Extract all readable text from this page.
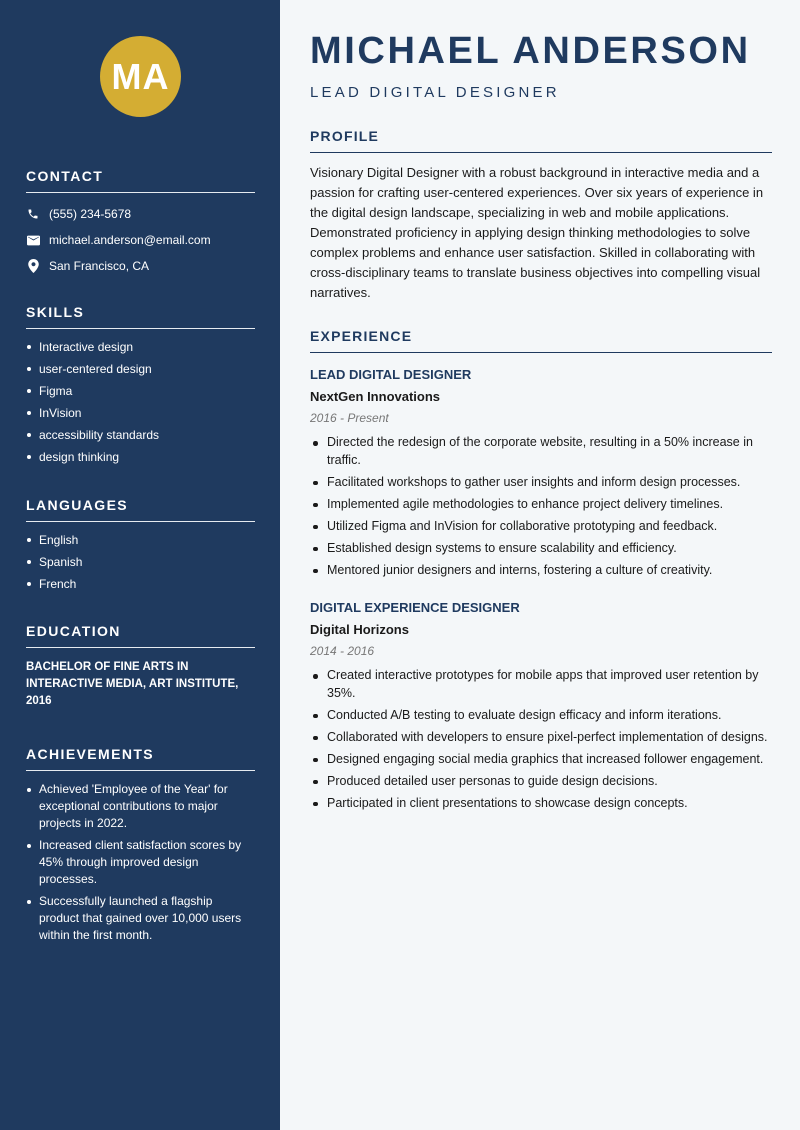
MA
CONTACT
(555) 234-5678
michael.anderson@email.com
San Francisco, CA
SKILLS
Interactive design
user-centered design
Figma
InVision
accessibility standards
design thinking
LANGUAGES
English
Spanish
French
EDUCATION
BACHELOR OF FINE ARTS IN INTERACTIVE MEDIA, ART INSTITUTE, 2016
ACHIEVEMENTS
Achieved 'Employee of the Year' for exceptional contributions to major projects in 2022.
Increased client satisfaction scores by 45% through improved design processes.
Successfully launched a flagship product that gained over 10,000 users within the first month.
MICHAEL ANDERSON
LEAD DIGITAL DESIGNER
PROFILE
Visionary Digital Designer with a robust background in interactive media and a passion for crafting user-centered experiences. Over six years of experience in the digital design landscape, specializing in web and mobile applications. Demonstrated proficiency in applying design thinking methodologies to solve complex problems and enhance user satisfaction. Skilled in collaborating with cross-disciplinary teams to translate business objectives into compelling visual narratives.
EXPERIENCE
LEAD DIGITAL DESIGNER
NextGen Innovations
2016 - Present
Directed the redesign of the corporate website, resulting in a 50% increase in traffic.
Facilitated workshops to gather user insights and inform design processes.
Implemented agile methodologies to enhance project delivery timelines.
Utilized Figma and InVision for collaborative prototyping and feedback.
Established design systems to ensure scalability and efficiency.
Mentored junior designers and interns, fostering a culture of creativity.
DIGITAL EXPERIENCE DESIGNER
Digital Horizons
2014 - 2016
Created interactive prototypes for mobile apps that improved user retention by 35%.
Conducted A/B testing to evaluate design efficacy and inform iterations.
Collaborated with developers to ensure pixel-perfect implementation of designs.
Designed engaging social media graphics that increased follower engagement.
Produced detailed user personas to guide design decisions.
Participated in client presentations to showcase design concepts.
